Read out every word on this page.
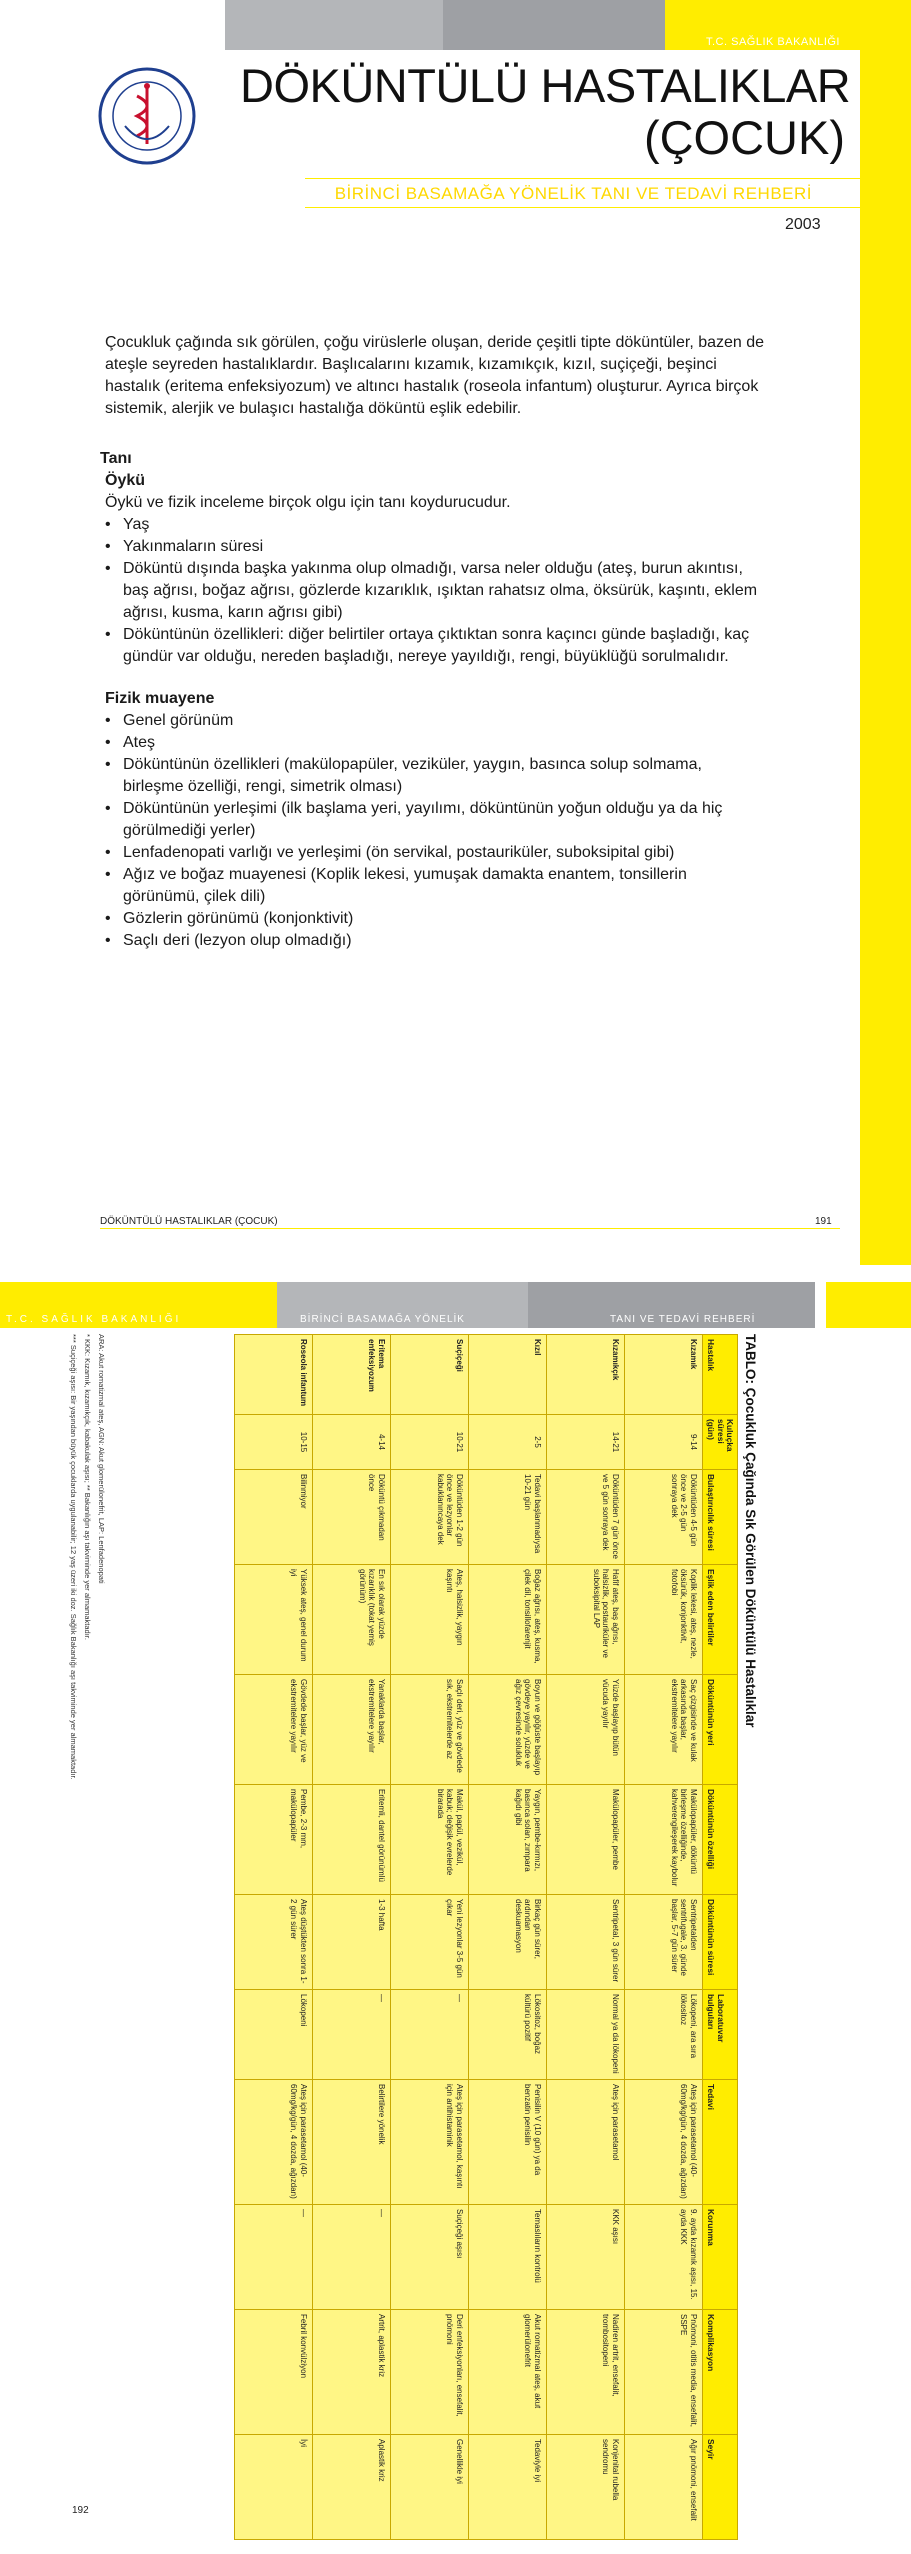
T.C. SAĞLIK BAKANLIĞI
DÖKÜNTÜLÜ HASTALIKLAR
(ÇOCUK)
BİRİNCİ BASAMAĞA YÖNELİK TANI VE TEDAVİ REHBERİ
2003

Çocukluk çağında sık görülen, çoğu virüslerle oluşan, deride çeşitli tipte döküntüler, bazen de ateşle seyreden hastalıklardır. Başlıcalarını kızamık, kızamıkçık, kızıl, suçiçeği, beşinci hastalık (eritema enfeksiyozum) ve altıncı hastalık (roseola infantum) oluşturur. Ayrıca birçok sistemik, alerjik ve bulaşıcı hastalığa döküntü eşlik edebilir.

Tanı

Öykü

Öykü ve fizik inceleme birçok olgu için tanı koydurucudur.

• Yaş
• Yakınmaların süresi
• Döküntü dışında başka yakınma olup olmadığı, varsa neler olduğu (ateş, burun akıntısı, baş ağrısı, boğaz ağrısı, gözlerde kızarıklık, ışıktan rahatsız olma, öksürük, kaşıntı, eklem ağrısı, kusma, karın ağrısı gibi)
• Döküntünün özellikleri: diğer belirtiler ortaya çıktıktan sonra kaçıncı günde başladığı, kaç gündür var olduğu, nereden başladığı, nereye yayıldığı, rengi, büyüklüğü sorulmalıdır.

Fizik muayene

• Genel görünüm
• Ateş
• Döküntünün özellikleri (makülopapüler, veziküler, yaygın, basınca solup solmama, birleşme özelliği, rengi, simetrik olması)
• Döküntünün yerleşimi (ilk başlama yeri, yayılımı, döküntünün yoğun olduğu ya da hiç görülmediği yerler)
• Lenfadenopati varlığı ve yerleşimi (ön servikal, postauriküler, suboksipital gibi)
• Ağız ve boğaz muayenesi (Koplik lekesi, yumuşak damakta enantem, tonsillerin görünümü, çilek dili)
• Gözlerin görünümü (konjonktivit)
• Saçlı deri (lezyon olup olmadığı)
DÖKÜNTÜLÜ HASTALIKLAR (ÇOCUK)	191
T.C. SAĞLIK BAKANLIĞI	BİRİNCİ BASAMAĞA YÖNELİK	TANI VE TEDAVİ REHBERİ
TABLO: Çocukluk Çağında Sık Görülen Döküntülü Hastalıklar
Hastalık	Kuluçka süresi (gün)	Bulaştırıcılık süresi	Eşlik eden belirtiler	Döküntünün yeri	Döküntünün özelliği	Döküntünün süresi	Laboratuvar bulguları	Tedavi	Korunma	Komplikasyon	Seyir
Kızamık	9-14	Döküntüden 4-5 gün önce ve 2-5 gün sonraya dek	Koplik lekesi, ateş, nezle, öksürük, konjonktivit, fotofobi	Saç çizgisinde ve kulak arkasında başlar, ekstremitelere yayılır	Makülopapüler, döküntü birleşme özelliğinde, kahverengileşerek kaybolur	Sentripetalden sentrifugale, 3. günde başlar, 5-7 gün sürer	Lökopeni, ara sıra lökositoz	Ateş için parasetamol (40-60mg/kg/gün, 4 dozda, ağızdan)	9. ayda kızamık aşısı, 15. ayda KKK	Pnömoni, otitis media, ensefalit, SSPE	Ağır pnömoni, ensefalit
Kızamıkçık	14-21	Döküntüden 7 gün önce ve 5 gün sonraya dek	Hafif ateş, baş ağrısı, halsizlik, postauriküler ve suboksipital LAP	Yüzde başlayıp bütün vücuda yayılır	Makülopapüler, pembe	Sentripetal, 3 gün sürer	Normal ya da lökopeni	Ateş için parasetamol	KKK aşısı	Nadiren artrit, ensefalit, trombositopeni	Konjenital rubella sendromu
Kızıl	2-5	Tedavi başlanmadıysa 10-21 gün	Boğaz ağrısı, ateş, kusma, çilek dil, tonsillofarenjit	Boyun ve göğüste başlayıp gövdeye yayılır, yüzde ve ağız çevresinde solukluk	Yaygın, pembe-kırmızı, basınca solan, zımpara kağıdı gibi	Birkaç gün sürer, ardından deskuamasyon	Lökositoz, boğaz kültürü pozitif	Penisilin V (10 gün) ya da benzatin penisilin	Temaslıların kontrolü	Akut romatizmal ateş, akut glomerülonefrit	Tedaviyle iyi
Suçiçeği	10-21	Döküntüden 1-2 gün önce ve lezyonlar kabuklanıncaya dek	Ateş, halsizlik, yaygın kaşıntı	Saçlı deri, yüz ve gövdede sık, ekstremitelerde az	Makül, papül, vezikül, kabuk; değişik evrelerde birarada	Yeni lezyonlar 3-5 gün çıkar	—	Ateş için parasetamol, kaşıntı için antihistaminik	Suçiçeği aşısı	Deri enfeksiyonları, ensefalit, pnömoni	Genellikle iyi
Eritema enfeksiyozum	4-14	Döküntü çıkmadan önce	En sık olarak yüzde kızarıklık (tokat yemiş görünüm)	Yanaklarda başlar, ekstremitelere yayılır	Eritemli, dantel görünümlü	1-3 hafta	—	Belirtilere yönelik	—	Artrit, aplastik kriz	Aplastik kriz
Roseola infantum	10-15	Bilinmiyor	Yüksek ateş, genel durum iyi	Gövdede başlar, yüz ve ekstremitelere yayılır	Pembe, 2-3 mm, makülopapüler	Ateş düştükten sonra 1-2 gün sürer	Lökopeni	Ateş için parasetamol (40-60mg/kg/gün, 4 dozda, ağızdan)	—	Febril konvülziyon	İyi

ARA: Akut romatizmal ateş, AGN: Akut glomerülonefrit, LAP: Lenfadenopati

* KKK: Kızamık, kızamıkçık, kabakulak aşısı; ** Bakanlığın aşı takviminde yer almamaktadır.

*** Suçiçeği aşısı: Bir yaşından büyük çocuklarda uygulanabilir; 12 yaş üzeri iki doz. Sağlık Bakanlığı aşı takviminde yer almamaktadır.

192
